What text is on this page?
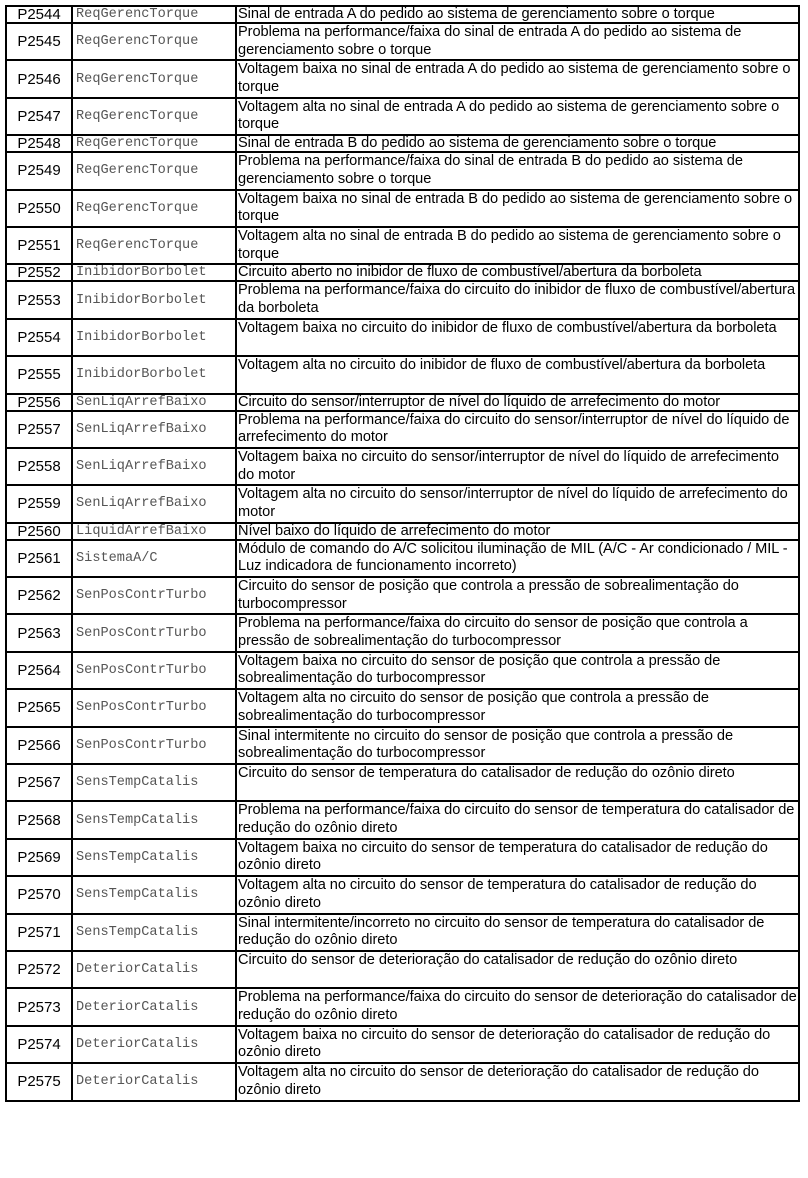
P2544	ReqGerencTorque	Sinal de entrada A do pedido ao sistema de gerenciamento sobre o torque
P2545	ReqGerencTorque	Problema na performance/faixa do sinal de entrada A do pedido ao sistema de gerenciamento sobre o torque
P2546	ReqGerencTorque	Voltagem baixa no sinal de entrada A do pedido ao sistema de gerenciamento sobre o torque
P2547	ReqGerencTorque	Voltagem alta no sinal de entrada A do pedido ao sistema de gerenciamento sobre o torque
P2548	ReqGerencTorque	Sinal de entrada B do pedido ao sistema de gerenciamento sobre o torque
P2549	ReqGerencTorque	Problema na performance/faixa do sinal de entrada B do pedido ao sistema de gerenciamento sobre o torque
P2550	ReqGerencTorque	Voltagem baixa no sinal de entrada B do pedido ao sistema de gerenciamento sobre o torque
P2551	ReqGerencTorque	Voltagem alta no sinal de entrada B do pedido ao sistema de gerenciamento sobre o torque
P2552	InibidorBorbolet	Circuito aberto no inibidor de fluxo de combustível/abertura da borboleta
P2553	InibidorBorbolet	Problema na performance/faixa do circuito do inibidor de fluxo de combustível/abertura da borboleta
P2554	InibidorBorbolet	Voltagem baixa no circuito do inibidor de fluxo de combustível/abertura da borboleta
P2555	InibidorBorbolet	Voltagem alta no circuito do inibidor de fluxo de combustível/abertura da borboleta
P2556	SenLiqArrefBaixo	Circuito do sensor/interruptor de nível do líquido de arrefecimento do motor
P2557	SenLiqArrefBaixo	Problema na performance/faixa do circuito do sensor/interruptor de nível do líquido de arrefecimento do motor
P2558	SenLiqArrefBaixo	Voltagem baixa no circuito do sensor/interruptor de nível do líquido de arrefecimento do motor
P2559	SenLiqArrefBaixo	Voltagem alta no circuito do sensor/interruptor de nível do líquido de arrefecimento do motor
P2560	LiquidArrefBaixo	Nível baixo do líquido de arrefecimento do motor
P2561	SistemaA/C	Módulo de comando do A/C solicitou iluminação de MIL (A/C - Ar condicionado / MIL - Luz indicadora de funcionamento incorreto)
P2562	SenPosContrTurbo	Circuito do sensor de posição que controla a pressão de sobrealimentação do turbocompressor
P2563	SenPosContrTurbo	Problema na performance/faixa do circuito do sensor de posição que controla a pressão de sobrealimentação do turbocompressor
P2564	SenPosContrTurbo	Voltagem baixa no circuito do sensor de posição que controla a pressão de sobrealimentação do turbocompressor
P2565	SenPosContrTurbo	Voltagem alta no circuito do sensor de posição que controla a pressão de sobrealimentação do turbocompressor
P2566	SenPosContrTurbo	Sinal intermitente no circuito do sensor de posição que controla a pressão de sobrealimentação do turbocompressor
P2567	SensTempCatalis	Circuito do sensor de temperatura do catalisador de redução do ozônio direto
P2568	SensTempCatalis	Problema na performance/faixa do circuito do sensor de temperatura do catalisador de redução do ozônio direto
P2569	SensTempCatalis	Voltagem baixa no circuito do sensor de temperatura do catalisador de redução do ozônio direto
P2570	SensTempCatalis	Voltagem alta no circuito do sensor de temperatura do catalisador de redução do ozônio direto
P2571	SensTempCatalis	Sinal intermitente/incorreto no circuito do sensor de temperatura do catalisador de redução do ozônio direto
P2572	DeteriorCatalis	Circuito do sensor de deterioração do catalisador de redução do ozônio direto
P2573	DeteriorCatalis	Problema na performance/faixa do circuito do sensor de deterioração do catalisador de redução do ozônio direto
P2574	DeteriorCatalis	Voltagem baixa no circuito do sensor de deterioração do catalisador de redução do ozônio direto
P2575	DeteriorCatalis	Voltagem alta no circuito do sensor de deterioração do catalisador de redução do ozônio direto
